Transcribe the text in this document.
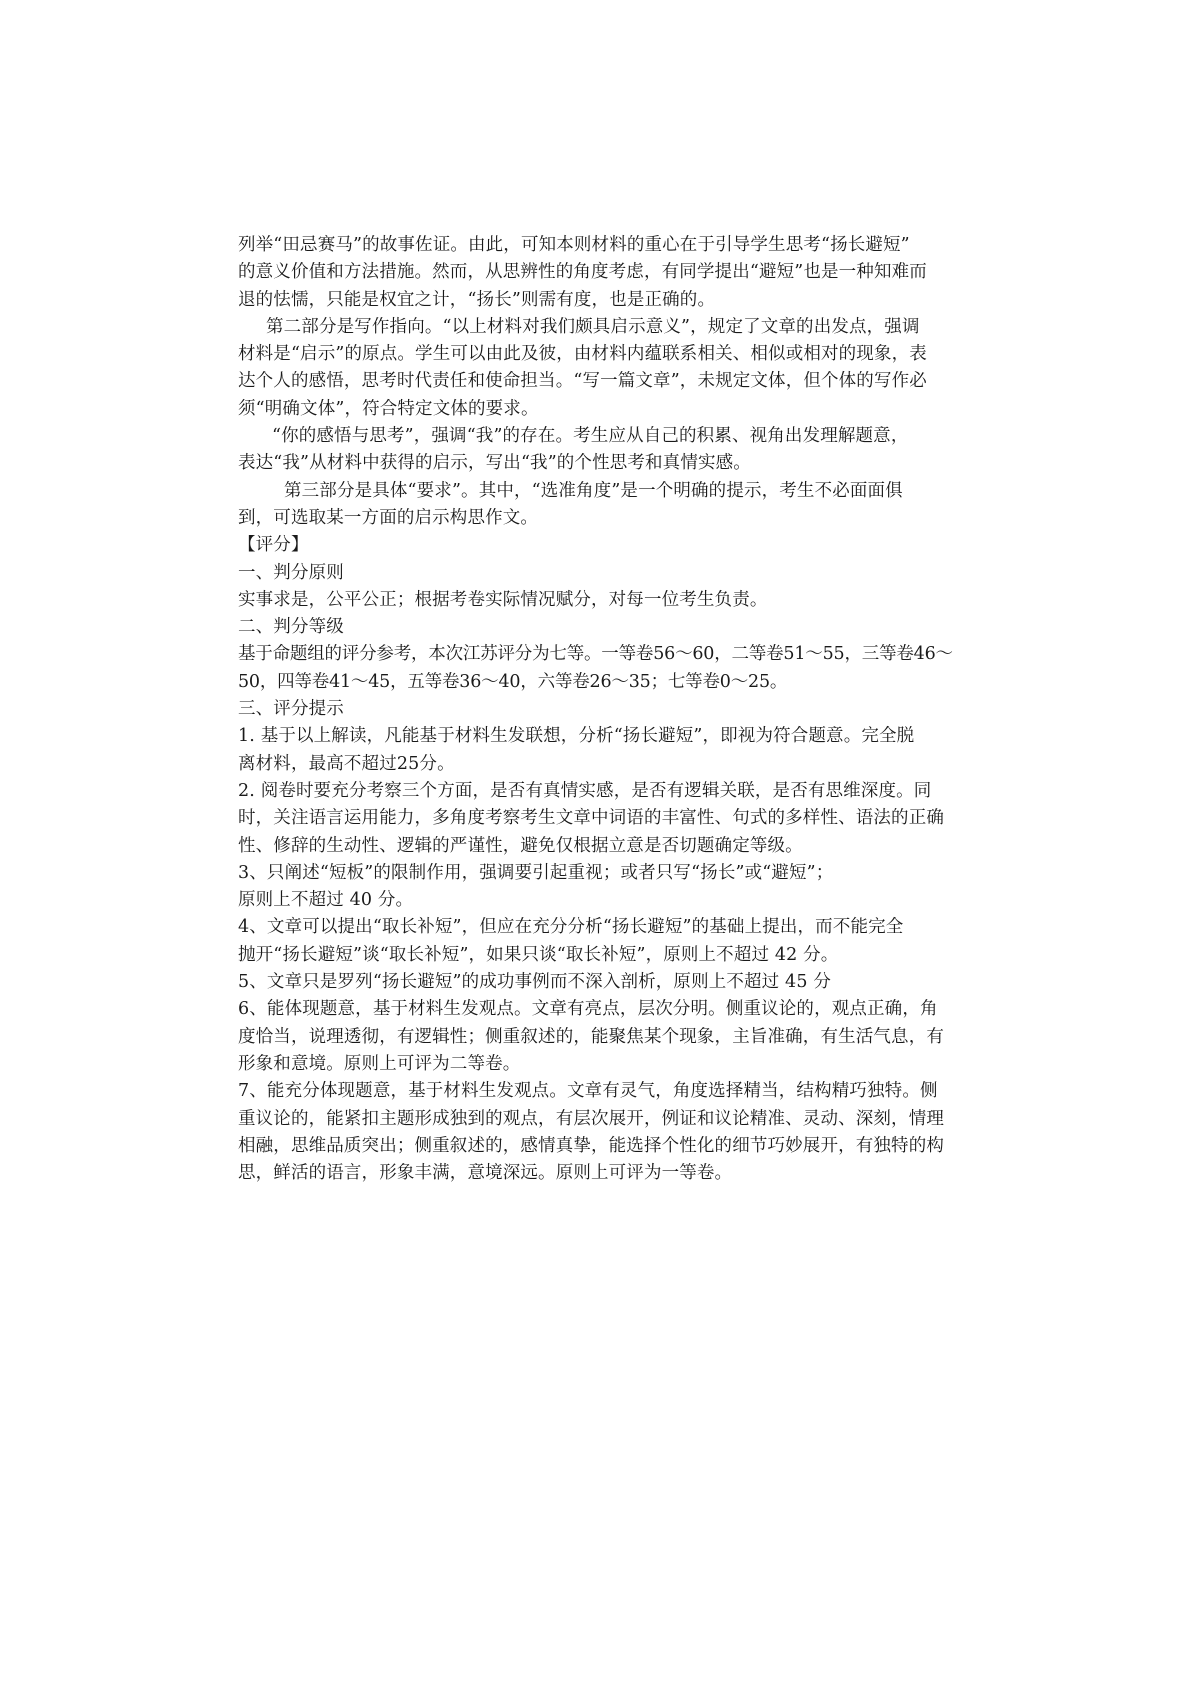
列举“田忌赛马”的故事佐证。由此，可知本则材料的重心在于引导学生思考“扬长避短”
的意义价值和方法措施。然而，从思辨性的角度考虑，有同学提出“避短”也是一种知难而
退的怯懦，只能是权宜之计，“扬长”则需有度，也是正确的。
第二部分是写作指向。“以上材料对我们颇具启示意义”，规定了文章的出发点，强调
材料是“启示”的原点。学生可以由此及彼，由材料内蕴联系相关、相似或相对的现象，表
达个人的感悟，思考时代责任和使命担当。“写一篇文章”，未规定文体，但个体的写作必
须“明确文体”，符合特定文体的要求。
“你的感悟与思考”，强调“我”的存在。考生应从自己的积累、视角出发理解题意，
表达“我”从材料中获得的启示，写出“我”的个性思考和真情实感。
第三部分是具体“要求”。其中，“选准角度”是一个明确的提示，考生不必面面俱
到，可选取某一方面的启示构思作文。
【评分】
一、判分原则
实事求是，公平公正；根据考卷实际情况赋分，对每一位考生负责。
二、判分等级
基于命题组的评分参考，本次江苏评分为七等。一等卷56～60，二等卷51～55，三等卷46～
50，四等卷41～45，五等卷36～40，六等卷26～35；七等卷0～25。
三、评分提示
1. 基于以上解读，凡能基于材料生发联想，分析“扬长避短”，即视为符合题意。完全脱
离材料，最高不超过25分。
2. 阅卷时要充分考察三个方面，是否有真情实感，是否有逻辑关联，是否有思维深度。同
时，关注语言运用能力，多角度考察考生文章中词语的丰富性、句式的多样性、语法的正确
性、修辞的生动性、逻辑的严谨性，避免仅根据立意是否切题确定等级。
3、只阐述“短板”的限制作用，强调要引起重视；或者只写“扬长”或“避短”；
原则上不超过 40 分。
4、文章可以提出“取长补短”，但应在充分分析“扬长避短”的基础上提出，而不能完全
抛开“扬长避短”谈“取长补短”，如果只谈“取长补短”，原则上不超过 42 分。
5、文章只是罗列“扬长避短”的成功事例而不深入剖析，原则上不超过 45 分
6、能体现题意，基于材料生发观点。文章有亮点，层次分明。侧重议论的，观点正确，角
度恰当，说理透彻，有逻辑性；侧重叙述的，能聚焦某个现象，主旨准确，有生活气息，有
形象和意境。原则上可评为二等卷。
7、能充分体现题意，基于材料生发观点。文章有灵气，角度选择精当，结构精巧独特。侧
重议论的，能紧扣主题形成独到的观点，有层次展开，例证和议论精准、灵动、深刻，情理
相融，思维品质突出；侧重叙述的，感情真挚，能选择个性化的细节巧妙展开，有独特的构
思，鲜活的语言，形象丰满，意境深远。原则上可评为一等卷。
